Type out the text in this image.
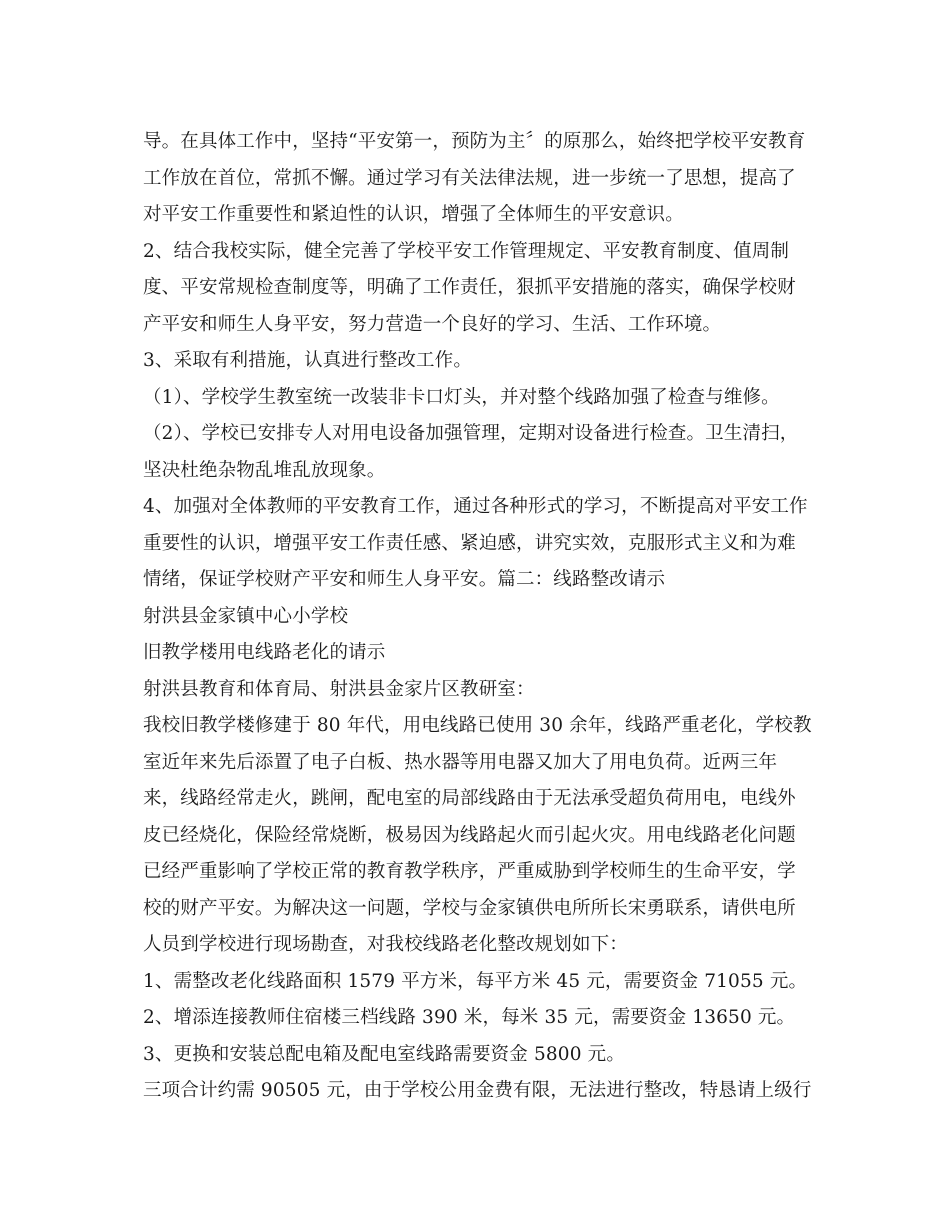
导。在具体工作中，坚持“平安第一，预防为主〞的原那么，始终把学校平安教育
工作放在首位，常抓不懈。通过学习有关法律法规，进一步统一了思想，提高了
对平安工作重要性和紧迫性的认识，增强了全体师生的平安意识。
2、结合我校实际，健全完善了学校平安工作管理规定、平安教育制度、值周制
度、平安常规检查制度等，明确了工作责任，狠抓平安措施的落实，确保学校财
产平安和师生人身平安，努力营造一个良好的学习、生活、工作环境。
3、采取有利措施，认真进行整改工作。
（1）、学校学生教室统一改装非卡口灯头，并对整个线路加强了检查与维修。
（2）、学校已安排专人对用电设备加强管理，定期对设备进行检查。卫生清扫，
坚决杜绝杂物乱堆乱放现象。
4、加强对全体教师的平安教育工作，通过各种形式的学习，不断提高对平安工作
重要性的认识，增强平安工作责任感、紧迫感，讲究实效，克服形式主义和为难
情绪，保证学校财产平安和师生人身平安。篇二：线路整改请示
射洪县金家镇中心小学校
旧教学楼用电线路老化的请示
射洪县教育和体育局、射洪县金家片区教研室：
我校旧教学楼修建于 80 年代，用电线路已使用 30 余年，线路严重老化，学校教
室近年来先后添置了电子白板、热水器等用电器又加大了用电负荷。近两三年
来，线路经常走火，跳闸，配电室的局部线路由于无法承受超负荷用电，电线外
皮已经烧化，保险经常烧断，极易因为线路起火而引起火灾。用电线路老化问题
已经严重影响了学校正常的教育教学秩序，严重威胁到学校师生的生命平安，学
校的财产平安。为解决这一问题，学校与金家镇供电所所长宋勇联系，请供电所
人员到学校进行现场勘查，对我校线路老化整改规划如下：
1、需整改老化线路面积 1579 平方米，每平方米 45 元，需要资金 71055 元。
2、增添连接教师住宿楼三档线路 390 米，每米 35 元，需要资金 13650 元。
3、更换和安装总配电箱及配电室线路需要资金 5800 元。
三项合计约需 90505 元，由于学校公用金费有限，无法进行整改，特恳请上级行
